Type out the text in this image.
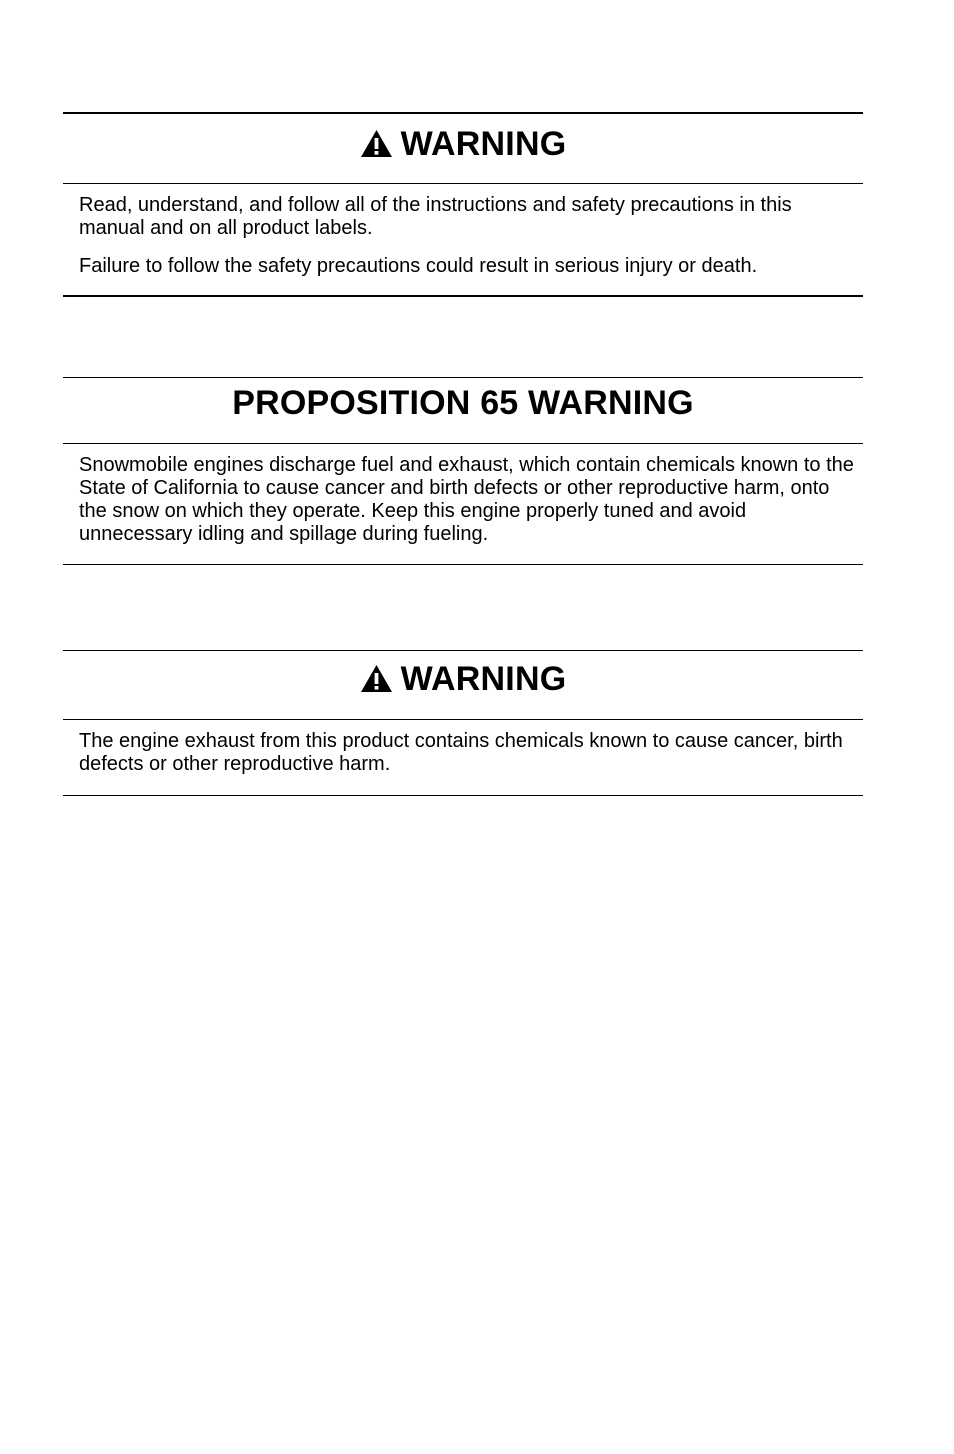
WARNING

Read, understand, and follow all of the instructions and safety precautions in this manual and on all product labels.

Failure to follow the safety precautions could result in serious injury or death.

PROPOSITION 65 WARNING

Snowmobile engines discharge fuel and exhaust, which contain chemicals known to the State of California to cause cancer and birth defects or other reproductive harm, onto the snow on which they operate. Keep this engine properly tuned and avoid unnecessary idling and spillage during fueling.

WARNING

The engine exhaust from this product contains chemicals known to cause cancer, birth defects or other reproductive harm.
